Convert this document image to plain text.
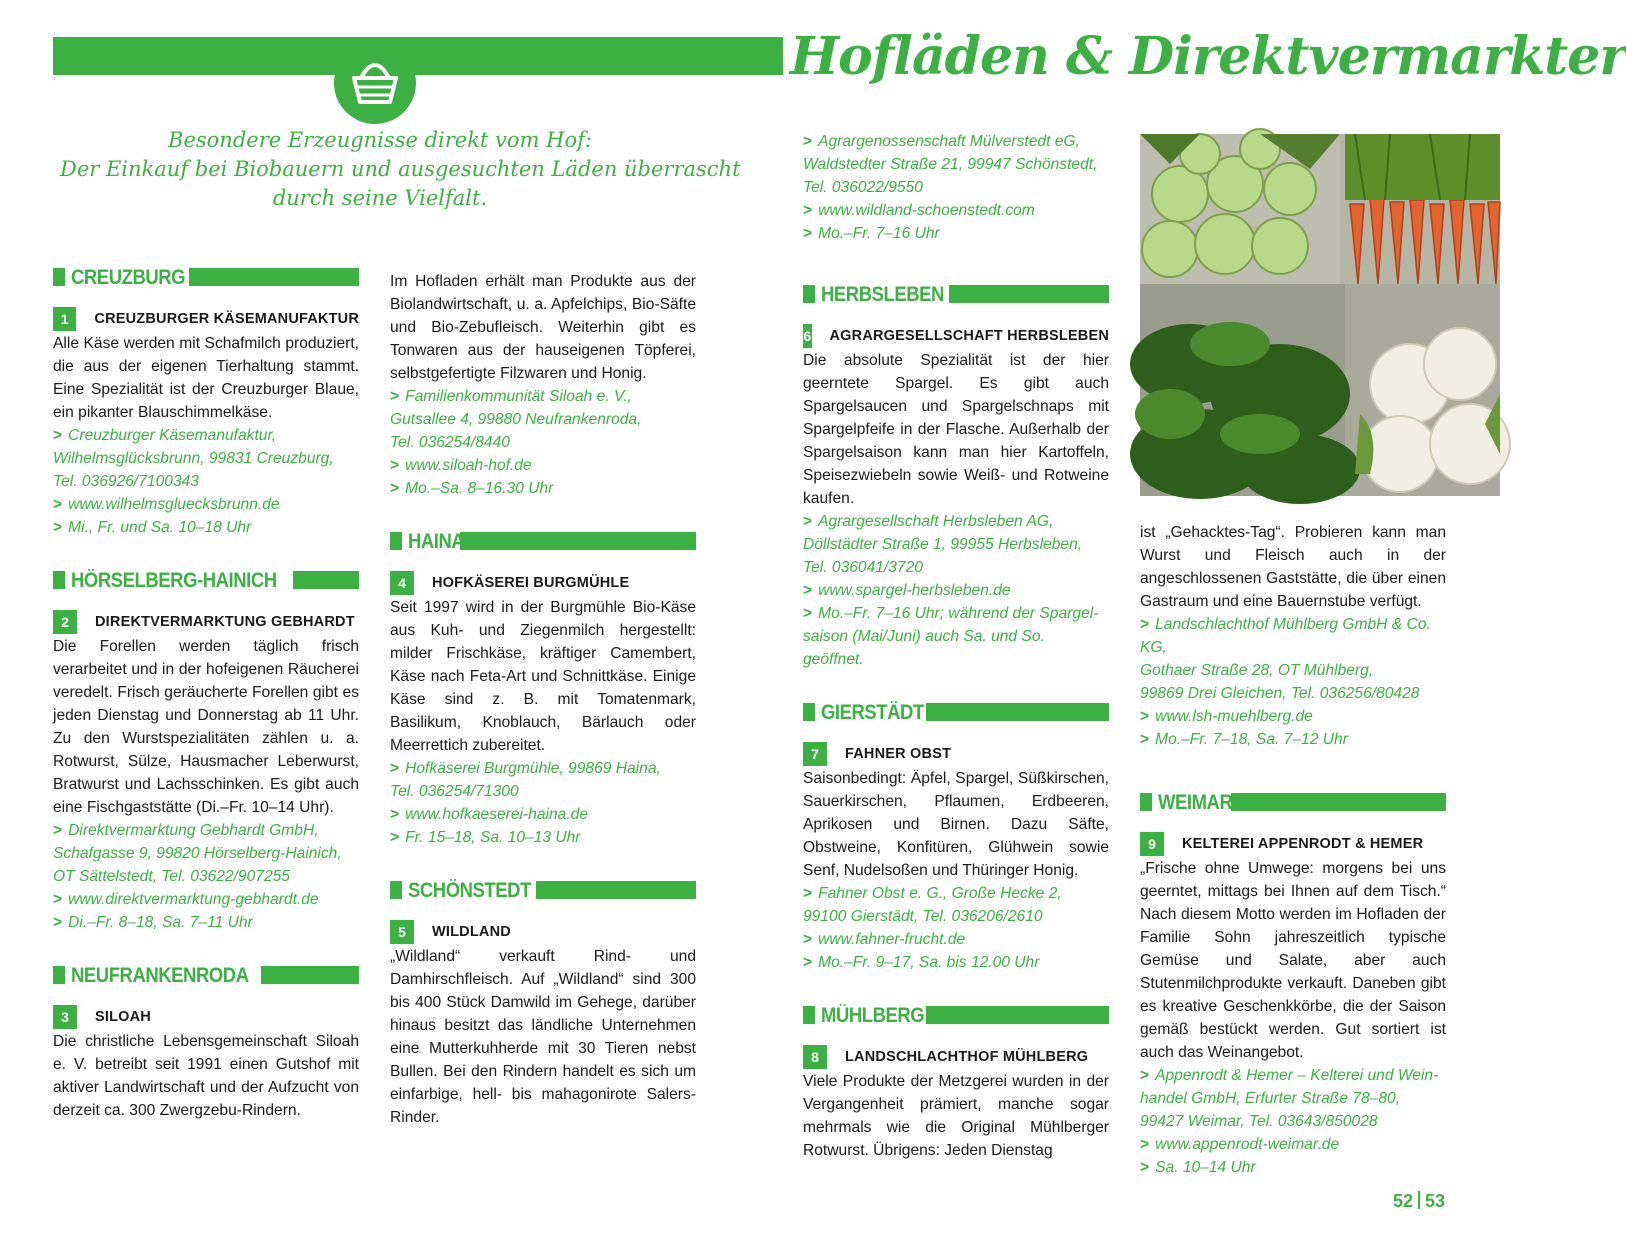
Hofläden & Direktvermarkter
Besondere Erzeugnisse direkt vom Hof:
Der Einkauf bei Biobauern und ausgesuchten Läden überrascht
durch seine Vielfalt.
CREUZBURG
1	CREUZBURGER KÄSEMANUFAKTUR

Alle Käse werden mit Schafmilch produziert, die aus der eigenen Tierhaltung stammt. Eine Spezialität ist der Creuzburger Blaue, ein pikanter Blauschimmelkäse.

> Creuzburger Käsemanufaktur,
Wilhelmsglücksbrunn, 99831 Creuzburg,
Tel. 036926/7100343

> www.wilhelmsgluecksbrunn.de

> Mi., Fr. und Sa. 10–18 Uhr

HÖRSELBERG-HAINICH
2	DIREKTVERMARKTUNG GEBHARDT

Die Forellen werden täglich frisch verarbeitet und in der hofeigenen Räucherei veredelt. Frisch geräucherte Forellen gibt es jeden Dienstag und Donnerstag ab 11 Uhr. Zu den Wurstspezialitäten zählen u. a. Rotwurst, Sülze, Hausmacher Leberwurst, Bratwurst und Lachsschinken. Es gibt auch eine Fischgaststätte (Di.–Fr. 10–14 Uhr).

> Direktvermarktung Gebhardt GmbH,
Schafgasse 9, 99820 Hörselberg-Hainich,
OT Sättelstedt, Tel. 03622/907255

> www.direktvermarktung-gebhardt.de

> Di.–Fr. 8–18, Sa. 7–11 Uhr

NEUFRANKENRODA
3	SILOAH

Die christliche Lebensgemeinschaft Siloah e. V. betreibt seit 1991 einen Gutshof mit aktiver Landwirtschaft und der Aufzucht von derzeit ca. 300 Zwergzebu-Rindern.

Im Hofladen erhält man Produkte aus der Biolandwirtschaft, u. a. Apfelchips, Bio-Säfte und Bio-Zebufleisch. Weiterhin gibt es Tonwaren aus der hauseigenen Töpferei, selbstgefertigte Filzwaren und Honig.

> Familienkommunität Siloah e. V.,
Gutsallee 4, 99880 Neufrankenroda,
Tel. 036254/8440

> www.siloah-hof.de

> Mo.–Sa. 8–16.30 Uhr

HAINA
4	HOFKÄSEREI BURGMÜHLE

Seit 1997 wird in der Burgmühle Bio-Käse aus Kuh- und Ziegenmilch hergestellt: milder Frischkäse, kräftiger Camembert, Käse nach Feta-Art und Schnittkäse. Einige Käse sind z. B. mit Tomatenmark, Basilikum, Knoblauch, Bärlauch oder Meerrettich zubereitet.

> Hofkäserei Burgmühle, 99869 Haina,
Tel. 036254/71300

> www.hofkaeserei-haina.de

> Fr. 15–18, Sa. 10–13 Uhr

SCHÖNSTEDT
5	WILDLAND

„Wildland“ verkauft Rind- und Damhirschfleisch. Auf „Wildland“ sind 300 bis 400 Stück Damwild im Gehege, darüber hinaus besitzt das ländliche Unternehmen eine Mutterkuhherde mit 30 Tieren nebst Bullen. Bei den Rindern handelt es sich um einfarbige, hell- bis mahagonirote Salers-Rinder.

> Agrargenossenschaft Mülverstedt eG,
Waldstedter Straße 21, 99947 Schönstedt,
Tel. 036022/9550

> www.wildland-schoenstedt.com

> Mo.–Fr. 7–16 Uhr

HERBSLEBEN
6 AGRARGESELLSCHAFT HERBSLEBEN

Die absolute Spezialität ist der hier geerntete Spargel. Es gibt auch Spargelsaucen und Spargelschnaps mit Spargelpfeife in der Flasche. Außerhalb der Spargelsaison kann man hier Kartoffeln, Speisezwiebeln sowie Weiß- und Rotweine kaufen.

> Agrargesellschaft Herbsleben AG,
Döllstädter Straße 1, 99955 Herbsleben,
Tel. 036041/3720

> www.spargel-herbsleben.de

> Mo.–Fr. 7–16 Uhr; während der Spargel-
saison (Mai/Juni) auch Sa. und So. geöffnet.

GIERSTÄDT
7	FAHNER OBST

Saisonbedingt: Äpfel, Spargel, Süßkirschen, Sauerkirschen, Pflaumen, Erdbeeren, Aprikosen und Birnen. Dazu Säfte, Obstweine, Konfitüren, Glühwein sowie Senf, Nudelsoßen und Thüringer Honig.

> Fahner Obst e. G., Große Hecke 2,
99100 Gierstädt, Tel. 036206/2610

> www.fahner-frucht.de

> Mo.–Fr. 9–17, Sa. bis 12.00 Uhr

MÜHLBERG
8	LANDSCHLACHTHOF MÜHLBERG

Viele Produkte der Metzgerei wurden in der Vergangenheit prämiert, manche sogar mehrmals wie die Original Mühlberger Rotwurst. Übrigens: Jeden Dienstag

ist „Gehacktes-Tag“. Probieren kann man Wurst und Fleisch auch in der angeschlossenen Gaststätte, die über einen Gastraum und eine Bauernstube verfügt.

> Landschlachthof Mühlberg GmbH & Co. KG,
Gothaer Straße 28, OT Mühlberg,
99869 Drei Gleichen, Tel. 036256/80428

> www.lsh-muehlberg.de

> Mo.–Fr. 7–18, Sa. 7–12 Uhr

WEIMAR
9	KELTEREI APPENRODT & HEMER

„Frische ohne Umwege: morgens bei uns geerntet, mittags bei Ihnen auf dem Tisch.“ Nach diesem Motto werden im Hofladen der Familie Sohn jahreszeitlich typische Gemüse und Salate, aber auch Stutenmilchprodukte verkauft. Daneben gibt es kreative Geschenkkörbe, die der Saison gemäß bestückt werden. Gut sortiert ist auch das Weinangebot.

> Appenrodt & Hemer – Kelterei und Wein-
handel GmbH, Erfurter Straße 78–80,
99427 Weimar, Tel. 03643/850028

> www.appenrodt-weimar.de

> Sa. 10–14 Uhr

52 53
